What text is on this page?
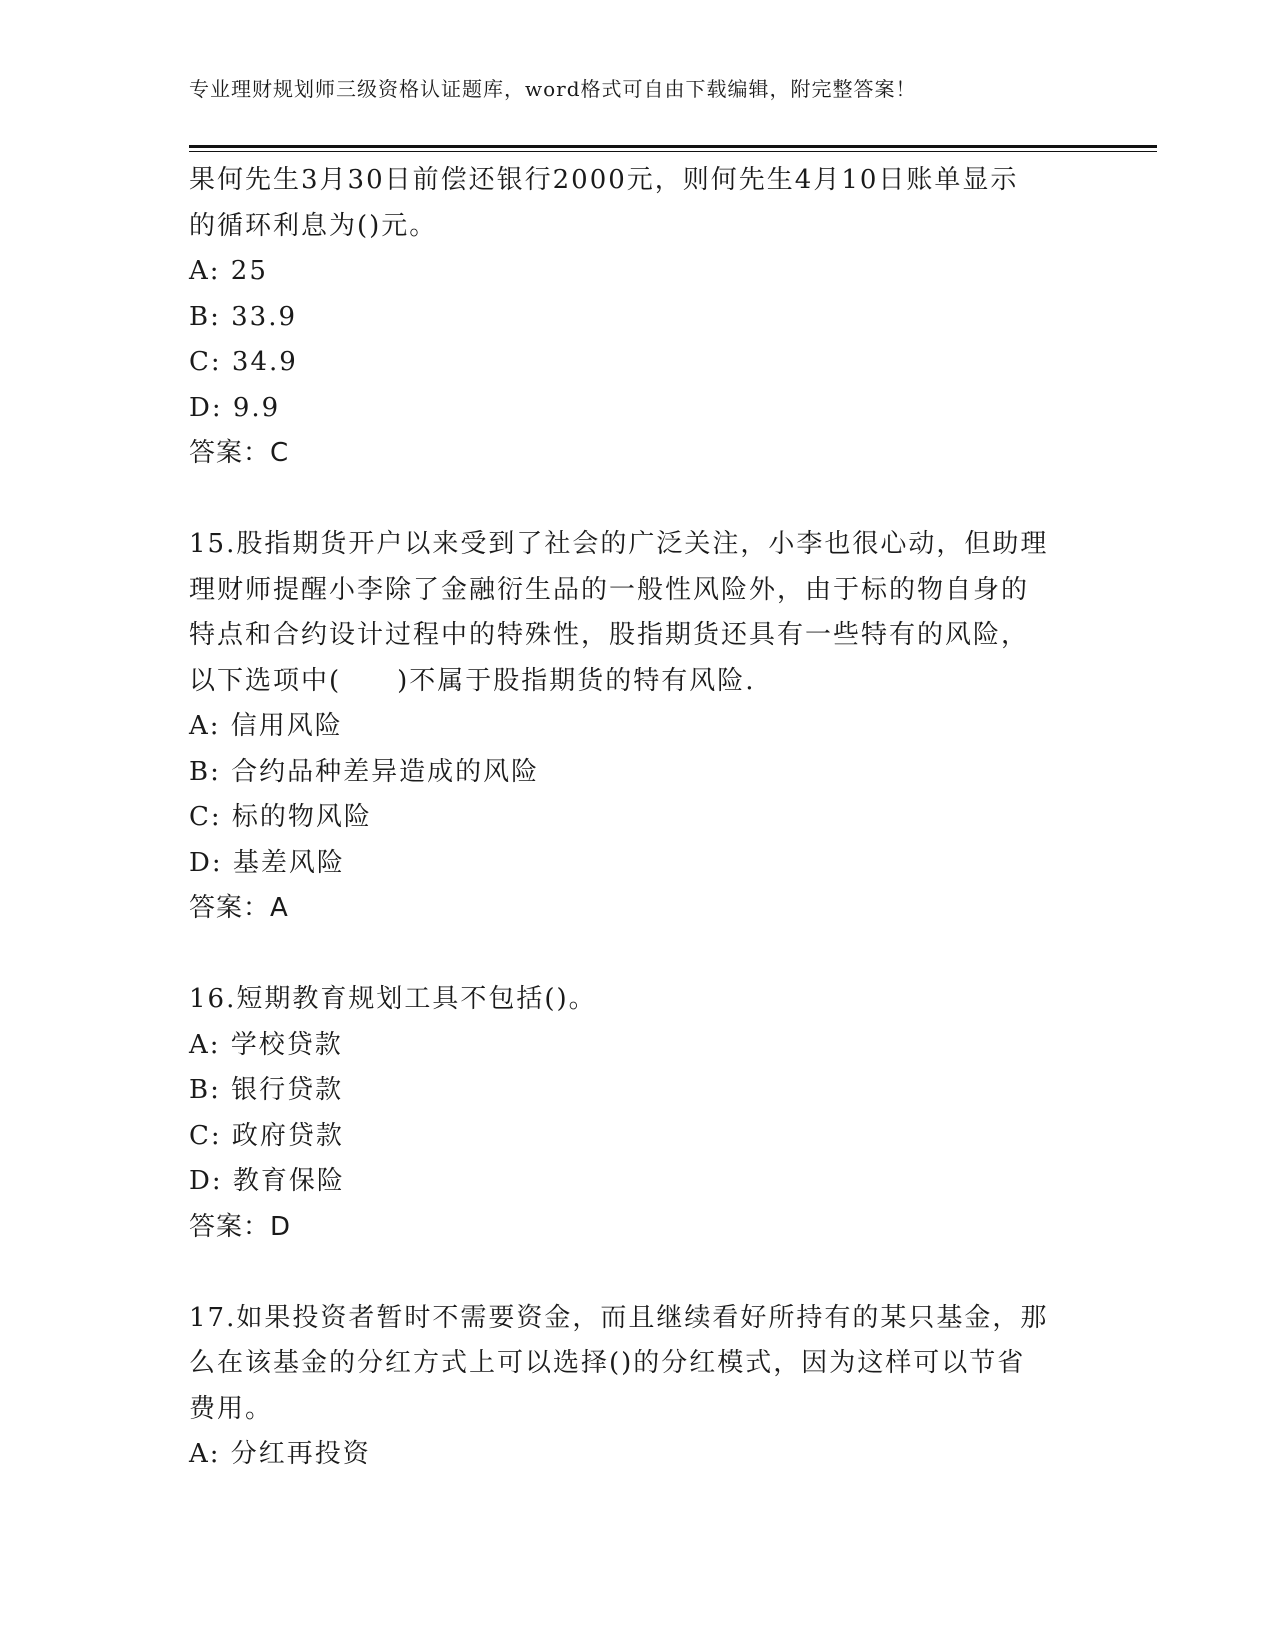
专业理财规划师三级资格认证题库，word格式可自由下载编辑，附完整答案！
果何先生3月30日前偿还银行2000元，则何先生4月10日账单显示
的循环利息为()元。
A: 25
B: 33.9
C: 34.9
D: 9.9
答案：C
15.股指期货开户以来受到了社会的广泛关注，小李也很心动，但助理
理财师提醒小李除了金融衍生品的一般性风险外，由于标的物自身的
特点和合约设计过程中的特殊性，股指期货还具有一些特有的风险，
以下选项中(　　)不属于股指期货的特有风险.
A: 信用风险
B: 合约品种差异造成的风险
C: 标的物风险
D: 基差风险
答案：A
16.短期教育规划工具不包括()。
A: 学校贷款
B: 银行贷款
C: 政府贷款
D: 教育保险
答案：D
17.如果投资者暂时不需要资金，而且继续看好所持有的某只基金，那
么在该基金的分红方式上可以选择()的分红模式，因为这样可以节省
费用。
A: 分红再投资
